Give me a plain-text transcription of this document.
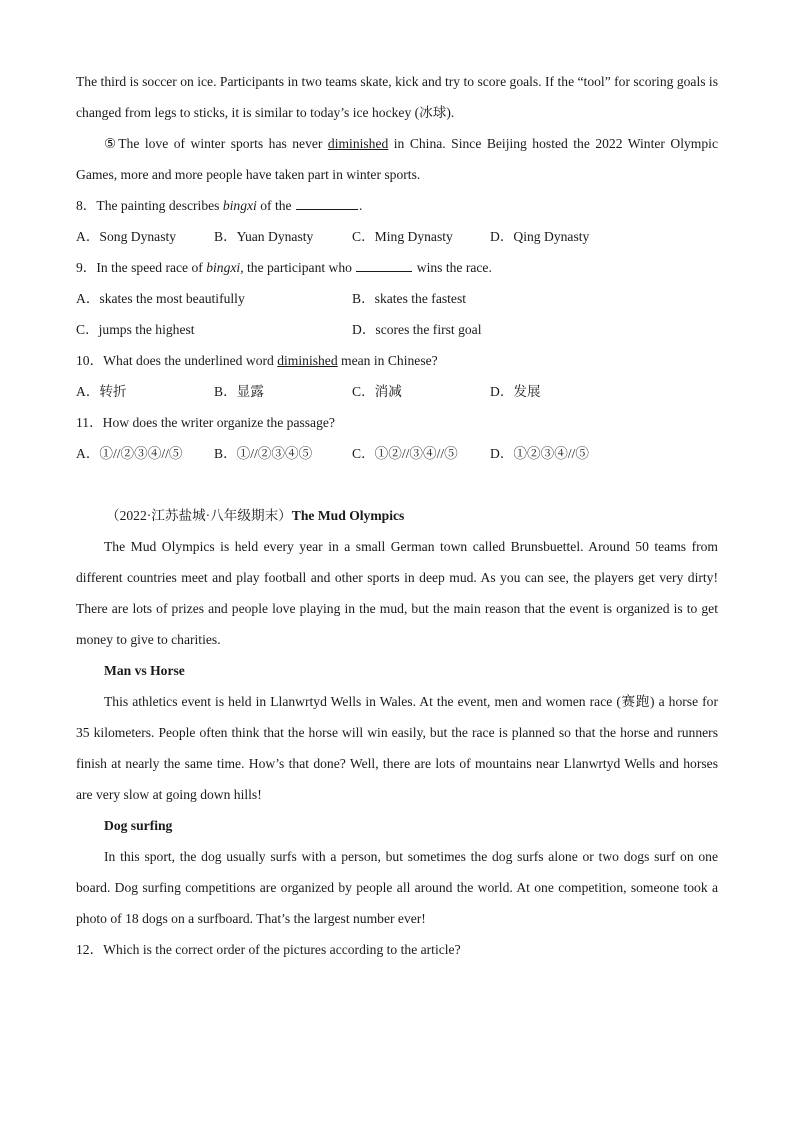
The third is soccer on ice. Participants in two teams skate, kick and try to score goals. If the “tool” for scoring goals is changed from legs to sticks, it is similar to today’s ice hockey (冰球).
⑤The love of winter sports has never diminished in China. Since Beijing hosted the 2022 Winter Olympic Games, more and more people have taken part in winter sports.
8．The painting describes bingxi of the	.
A．Song Dynasty	B．Yuan Dynasty	C．Ming Dynasty	D．Qing Dynasty
9．In the speed race of bingxi, the participant who	wins the race.
A．skates the most beautifully	B．skates the fastest
C．jumps the highest	D．scores the first goal
10．What does the underlined word diminished mean in Chinese?
A．转折	B．显露	C．消减	D．发展
11．How does the writer organize the passage?
A．①//②③④//⑤	B．①//②③④⑤	C．①②//③④//⑤	D．①②③④//⑤
（2022·江苏盐城·八年级期末）The Mud Olympics
The Mud Olympics is held every year in a small German town called Brunsbuettel. Around 50 teams from different countries meet and play football and other sports in deep mud. As you can see, the players get very dirty! There are lots of prizes and people love playing in the mud, but the main reason that the event is organized is to get money to give to charities.
Man vs Horse
This athletics event is held in Llanwrtyd Wells in Wales. At the event, men and women race (赛跑) a horse for 35 kilometers. People often think that the horse will win easily, but the race is planned so that the horse and runners finish at nearly the same time. How’s that done? Well, there are lots of mountains near Llanwrtyd Wells and horses are very slow at going down hills!
Dog surfing
In this sport, the dog usually surfs with a person, but sometimes the dog surfs alone or two dogs surf on one board. Dog surfing competitions are organized by people all around the world. At one competition, someone took a photo of 18 dogs on a surfboard. That’s the largest number ever!
12．Which is the correct order of the pictures according to the article?
